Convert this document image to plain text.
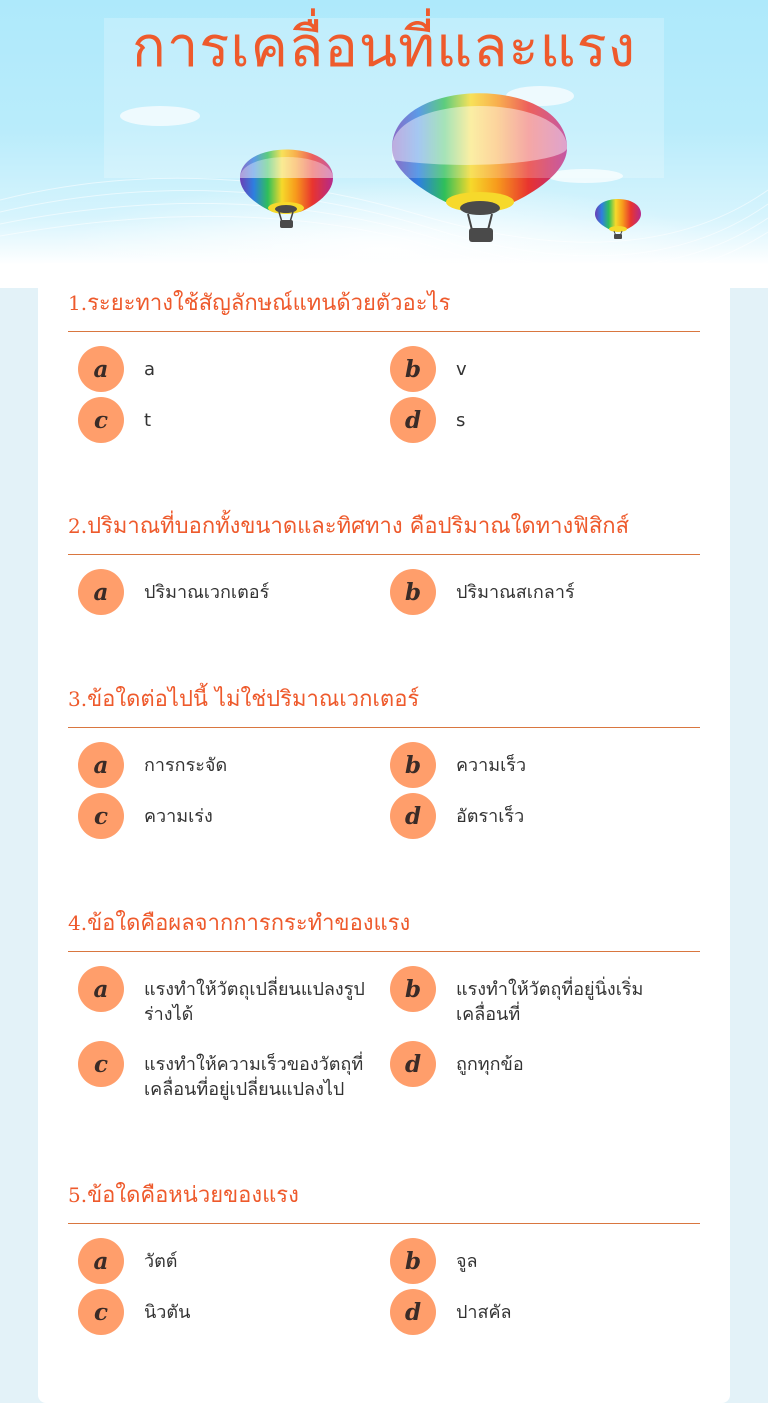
การเคลื่อนที่และแรง
1. ระยะทางใช้สัญลักษณ์แทนด้วยตัวอะไร
a	a	b	v
c	t	d	s
2. ปริมาณที่บอกทั้งขนาดและทิศทาง คือปริมาณใดทางฟิสิกส์
a	ปริมาณเวกเตอร์	b	ปริมาณสเกลาร์
3. ข้อใดต่อไปนี้ ไม่ใช่ปริมาณเวกเตอร์
a	การกระจัด	b	ความเร็ว
c	ความเร่ง	d	อัตราเร็ว
4. ข้อใดคือผลจากการกระทำของแรง
a	แรงทำให้วัตถุเปลี่ยนแปลงรูปร่างได้
b	แรงทำให้วัตถุที่อยู่นิ่งเริ่มเคลื่อนที่
c	แรงทำให้ความเร็วของวัตถุที่เคลื่อนที่อยู่เปลี่ยนแปลงไป
d	ถูกทุกข้อ
5. ข้อใดคือหน่วยของแรง
a	วัตต์	b	จูล
c	นิวตัน	d	ปาสคัล
